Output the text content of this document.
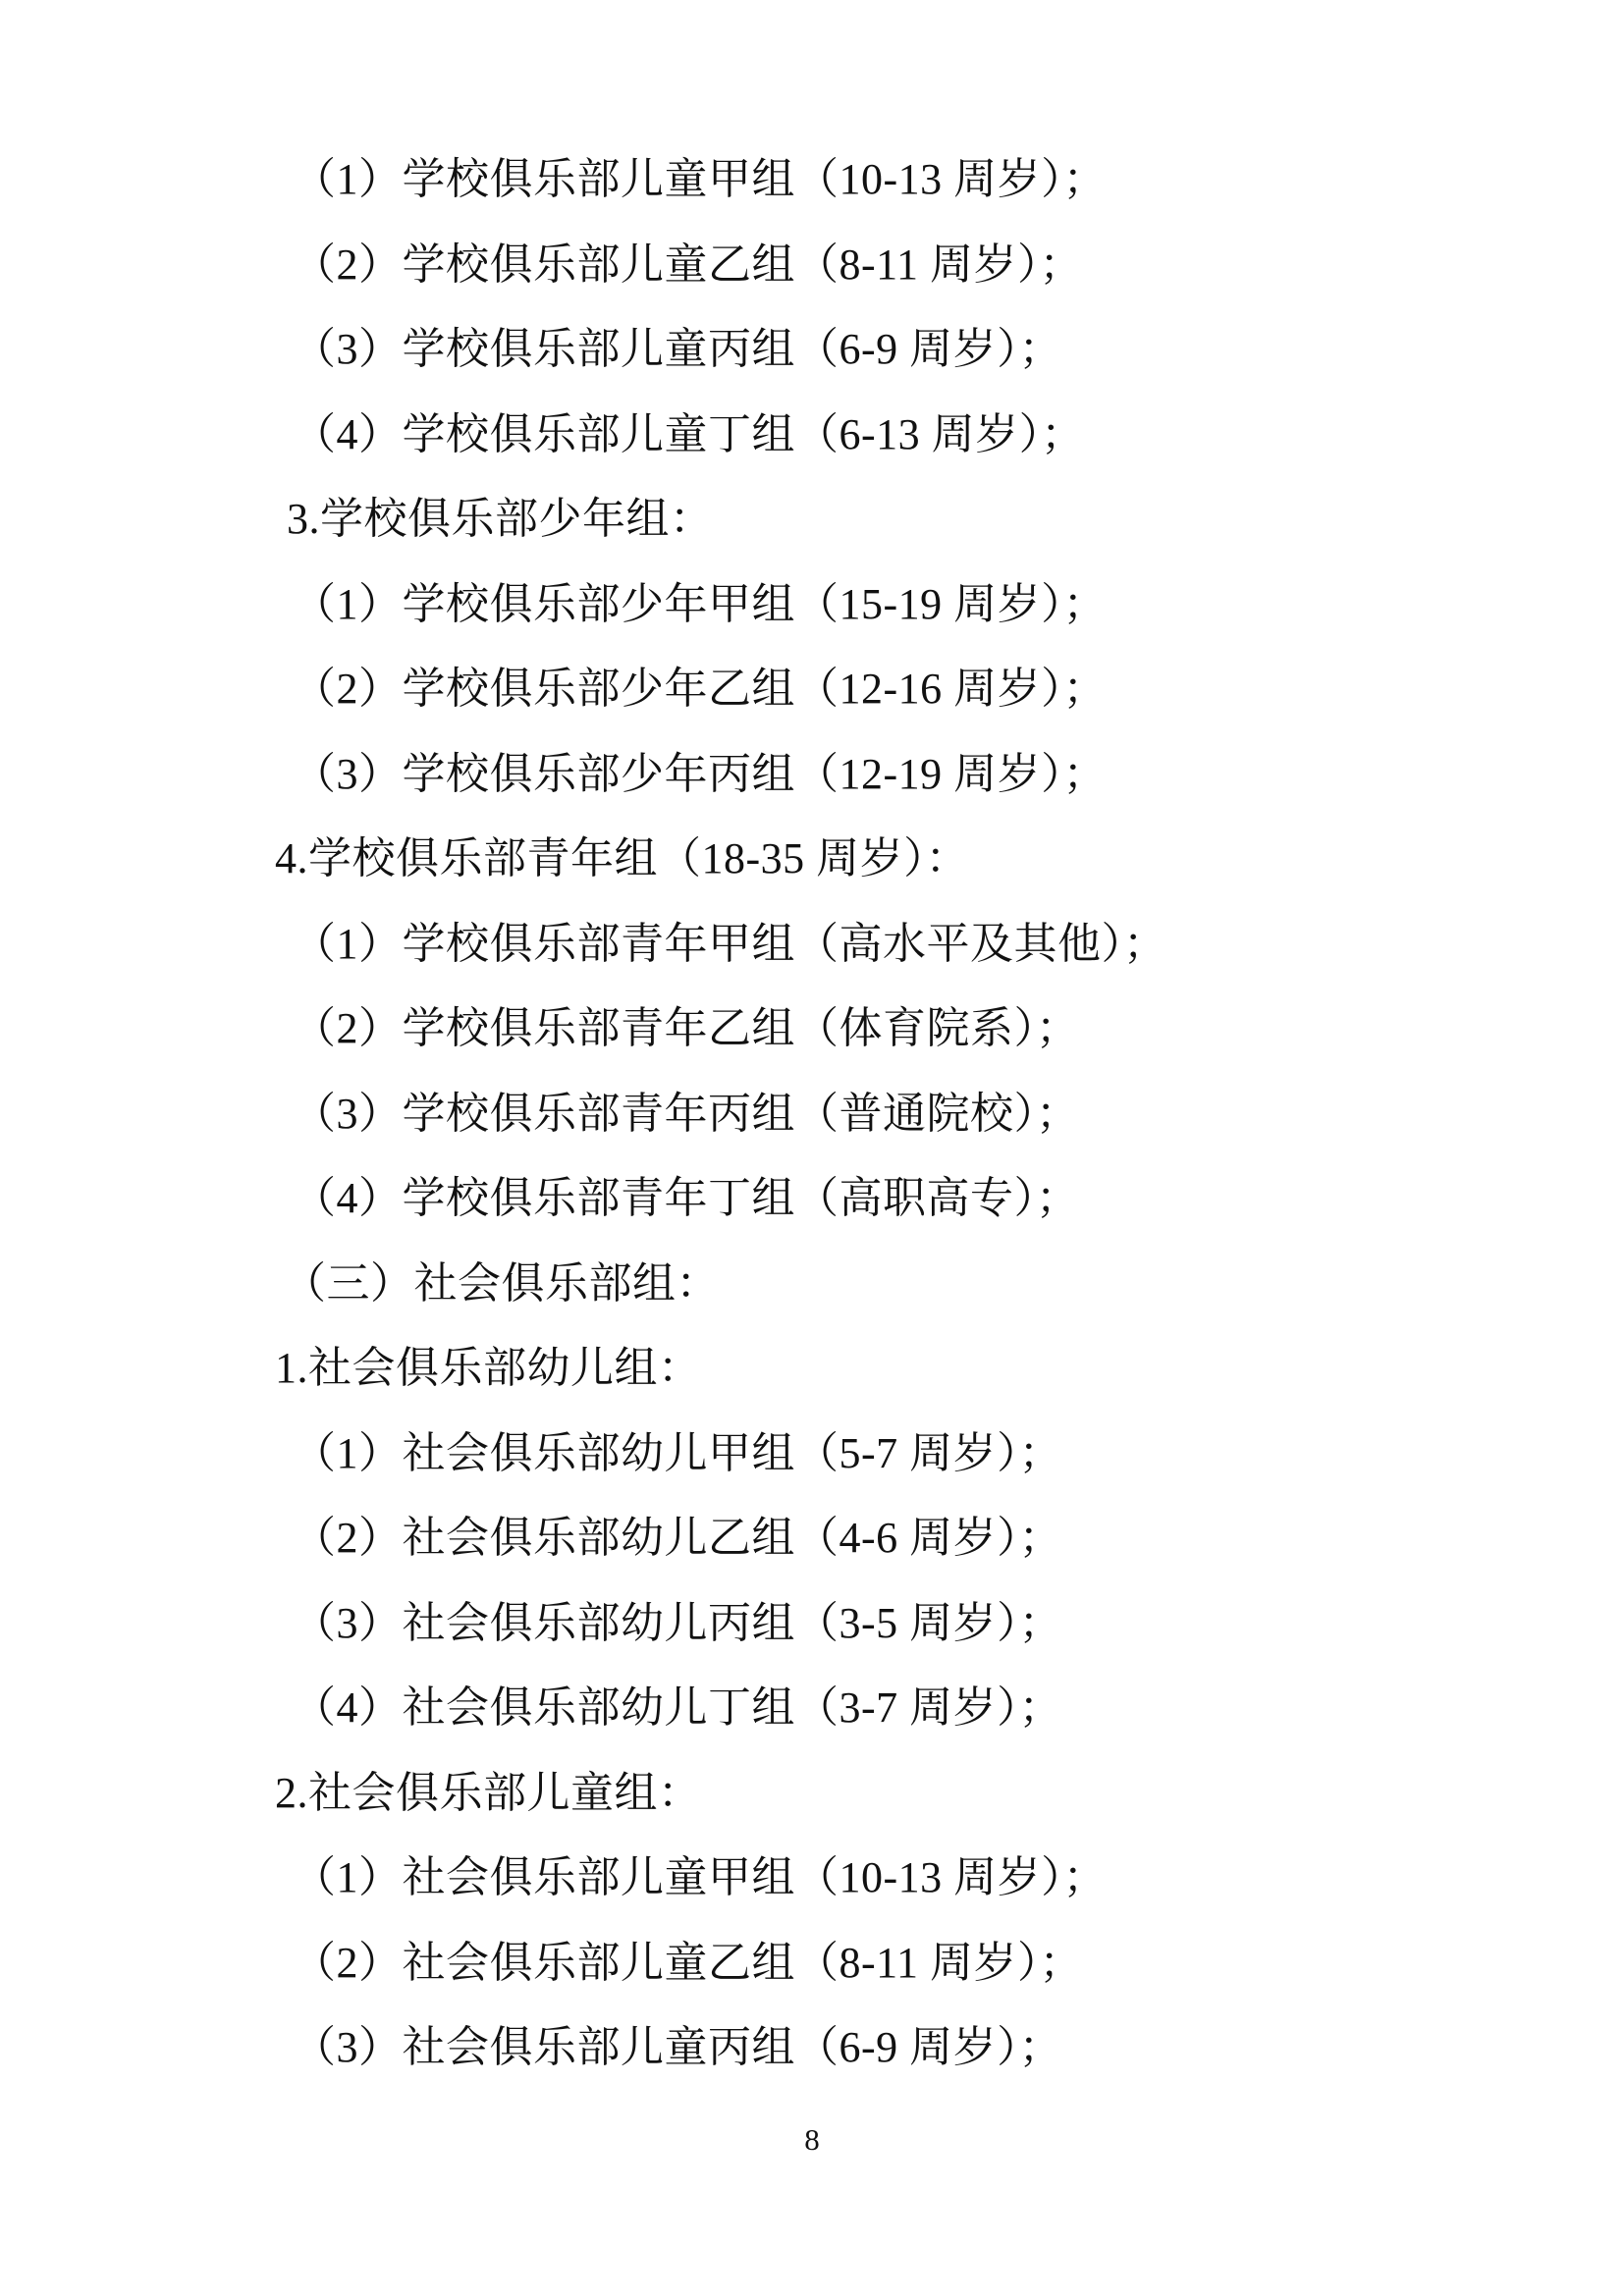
（1）学校俱乐部儿童甲组（10-13 周岁）；

（2）学校俱乐部儿童乙组（8-11 周岁）；

（3）学校俱乐部儿童丙组（6-9 周岁）；

（4）学校俱乐部儿童丁组（6-13 周岁）；

3.学校俱乐部少年组：

（1）学校俱乐部少年甲组（15-19 周岁）；

（2）学校俱乐部少年乙组（12-16 周岁）；

（3）学校俱乐部少年丙组（12-19 周岁）；

4.学校俱乐部青年组（18-35 周岁）：

（1）学校俱乐部青年甲组（高水平及其他）；

（2）学校俱乐部青年乙组（体育院系）；

（3）学校俱乐部青年丙组（普通院校）；

（4）学校俱乐部青年丁组（高职高专）；

（三）社会俱乐部组：

1.社会俱乐部幼儿组：

（1）社会俱乐部幼儿甲组（5-7 周岁）；

（2）社会俱乐部幼儿乙组（4-6 周岁）；

（3）社会俱乐部幼儿丙组（3-5 周岁）；

（4）社会俱乐部幼儿丁组（3-7 周岁）；

2.社会俱乐部儿童组：

（1）社会俱乐部儿童甲组（10-13 周岁）；

（2）社会俱乐部儿童乙组（8-11 周岁）；

（3）社会俱乐部儿童丙组（6-9 周岁）；

8
